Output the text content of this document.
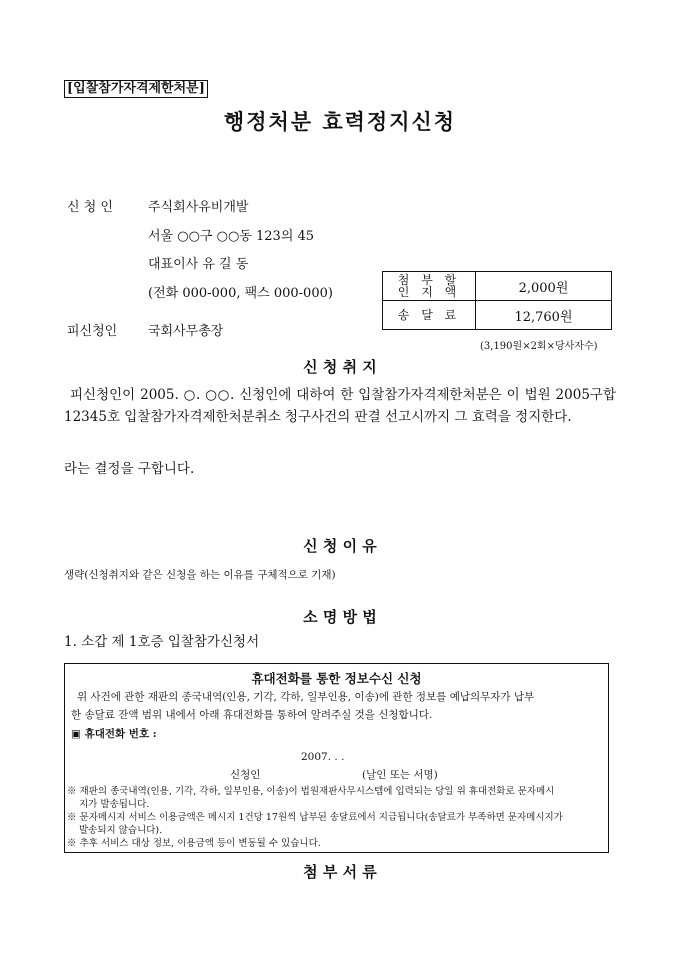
[입찰참가자격제한처분]
행정처분 효력정지신청
신 청 인	주식회사유비개발
서울 ○○구 ○○동 123의 45
대표이사 유 길 동
(전화 000-000, 팩스 000-000)
피신청인 국회사무총장
첨 부 할
인 지 액	2,000원
송 달 료	12,760원
(3,190원×2회×당사자수)
신 청 취 지
피신청인이 2005. ○. ○○. 신청인에 대하여 한 입찰참가자격제한처분은 이 법원 2005구합12345호 입찰참가자격제한처분취소 청구사건의 판결 선고시까지 그 효력을 정지한다.
라는 결정을 구합니다.
신 청 이 유
생략(신청취지와 같은 신청을 하는 이유를 구체적으로 기재)
소 명 방 법
1. 소갑 제 1호증 입찰참가신청서
휴대전화를 통한 정보수신 신청
위 사건에 관한 재판의 종국내역(인용, 기각, 각하, 일부인용, 이송)에 관한 정보를 예납의무자가 납부
한 송달료 잔액 범위 내에서 아래 휴대전화를 통하여 알려주실 것을 신청합니다.
▣ 휴대전화 번호 :
2007. . .
신청인	(날인 또는 서명)
※ 재판의 종국내역(인용, 기각, 각하, 일부인용, 이송)이 법원재판사무시스템에 입력되는 당일 위 휴대전화로 문자메시
지가 발송됩니다.
※ 문자메시지 서비스 이용금액은 메시지 1건당 17원씩 납부된 송달료에서 지급됩니다(송달료가 부족하면 문자메시지가
발송되지 않습니다).
※ 추후 서비스 대상 정보, 이용금액 등이 변동될 수 있습니다.
첨 부 서 류
